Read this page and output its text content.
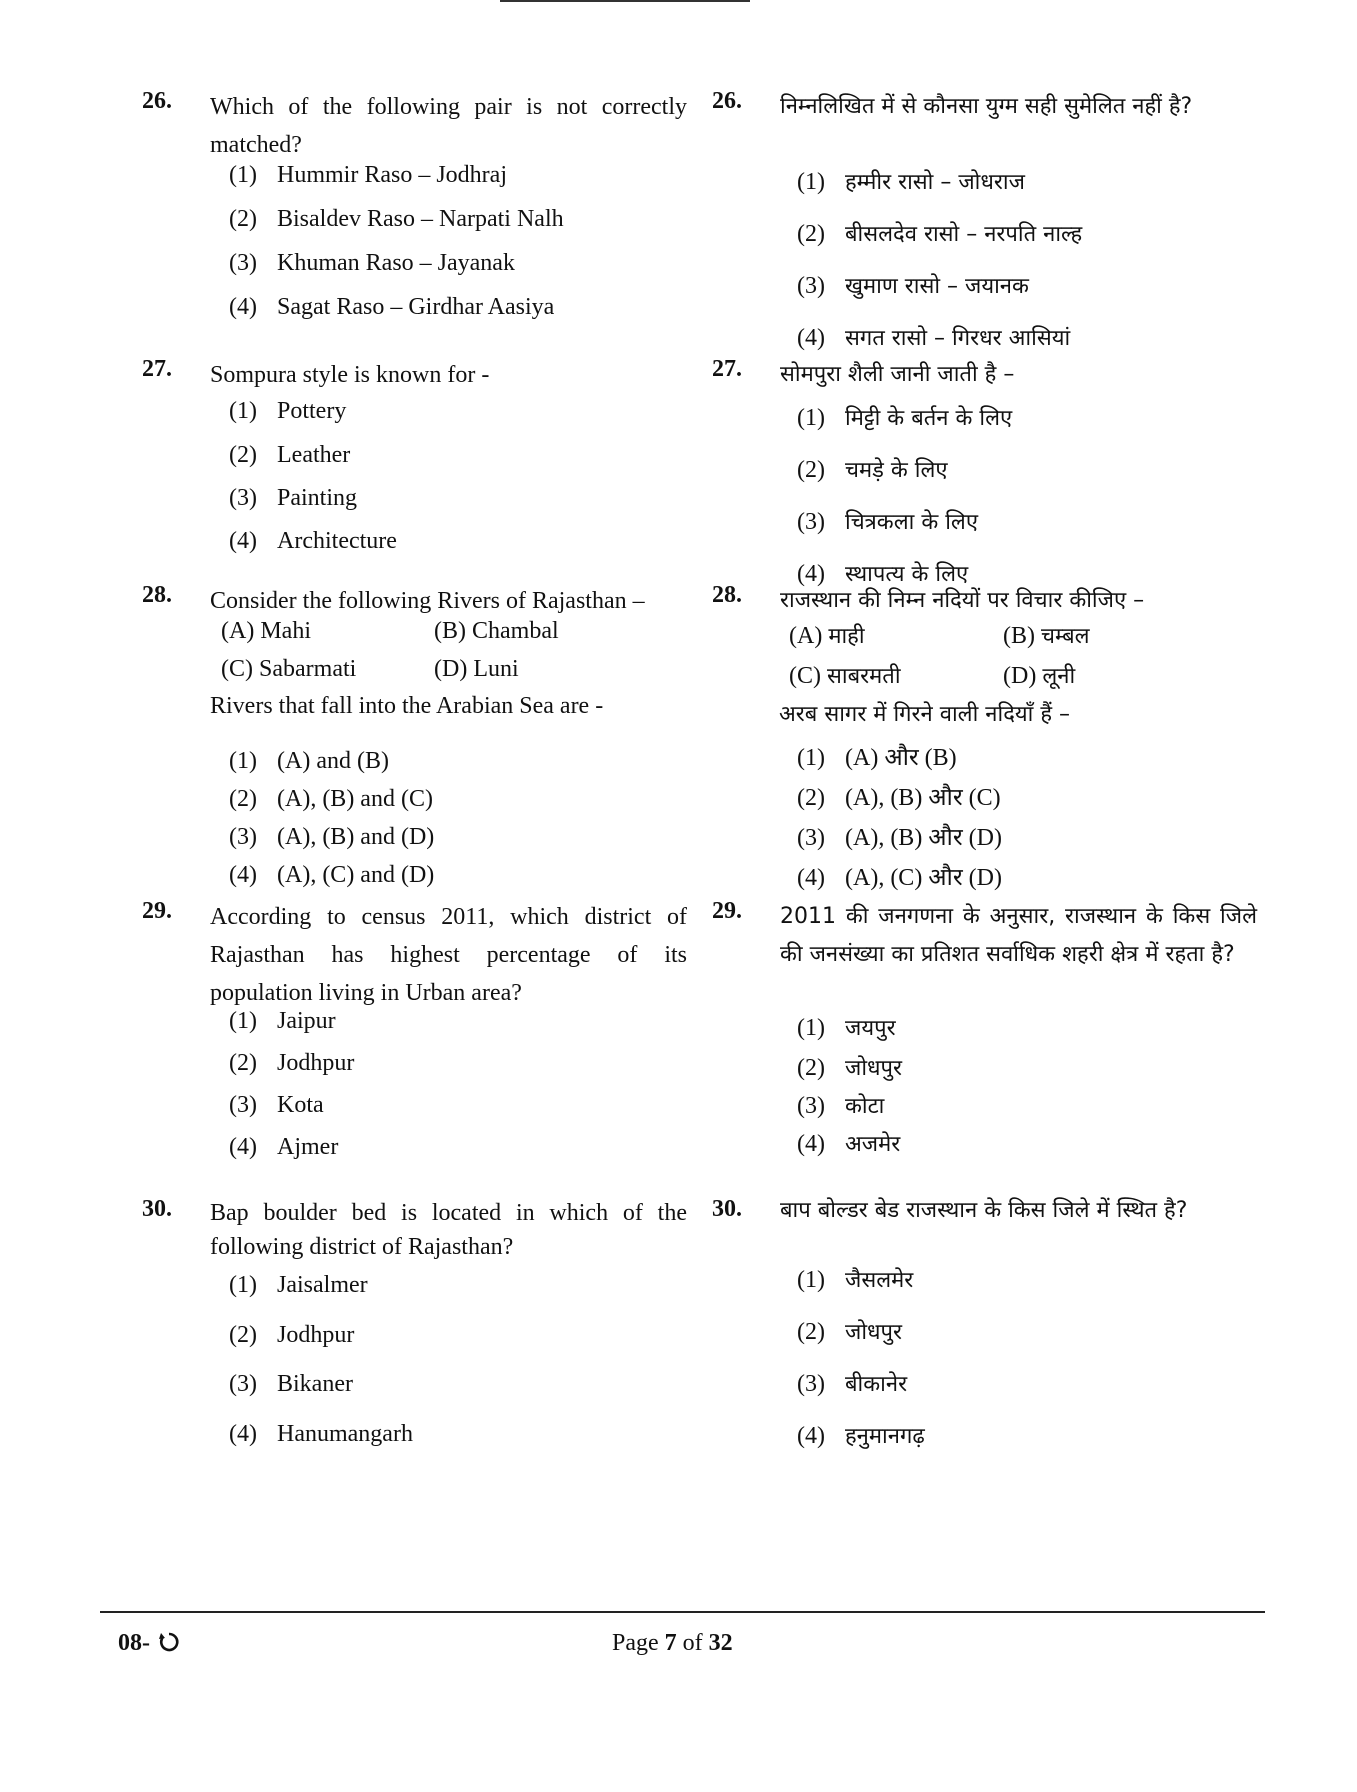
26. Which of the following pair is not correctly matched?
(1) Hummir Raso – Jodhraj
(2) Bisaldev Raso – Narpati Nalh
(3) Khuman Raso – Jayanak
(4) Sagat Raso – Girdhar Aasiya
27. Sompura style is known for -
(1) Pottery
(2) Leather
(3) Painting
(4) Architecture
28. Consider the following Rivers of Rajasthan –
(A) Mahi	(B) Chambal
(C) Sabarmati	(D) Luni
Rivers that fall into the Arabian Sea are -
(1) (A) and (B)
(2) (A), (B) and (C)
(3) (A), (B) and (D)
(4) (A), (C) and (D)
29. According to census 2011, which district of Rajasthan has highest percentage of its population living in Urban area?
(1) Jaipur
(2) Jodhpur
(3) Kota
(4) Ajmer
30. Bap boulder bed is located in which of the following district of Rajasthan?
(1) Jaisalmer
(2) Jodhpur
(3) Bikaner
(4) Hanumangarh
26. निम्नलिखित में से कौनसा युग्म सही सुमेलित नहीं है?
(1) हम्मीर रासो – जोधराज
(2) बीसलदेव रासो – नरपति नाल्ह
(3) खुमाण रासो – जयानक
(4) सगत रासो – गिरधर आसियां
27. सोमपुरा शैली जानी जाती है –
(1) मिट्टी के बर्तन के लिए
(2) चमड़े के लिए
(3) चित्रकला के लिए
(4) स्थापत्य के लिए
28. राजस्थान की निम्न नदियों पर विचार कीजिए –
(A) माही	(B) चम्बल
(C) साबरमती	(D) लूनी
अरब सागर में गिरने वाली नदियाँ हैं –
(1) (A) और (B)
(2) (A), (B) और (C)
(3) (A), (B) और (D)
(4) (A), (C) और (D)
29. 2011 की जनगणना के अनुसार, राजस्थान के किस जिले की जनसंख्या का प्रतिशत सर्वाधिक शहरी क्षेत्र में रहता है?
(1) जयपुर
(2) जोधपुर
(3) कोटा
(4) अजमेर
30. बाप बोल्डर बेड राजस्थान के किस जिले में स्थित है?
(1) जैसलमेर
(2) जोधपुर
(3) बीकानेर
(4) हनुमानगढ़
08-	Page 7 of 32
